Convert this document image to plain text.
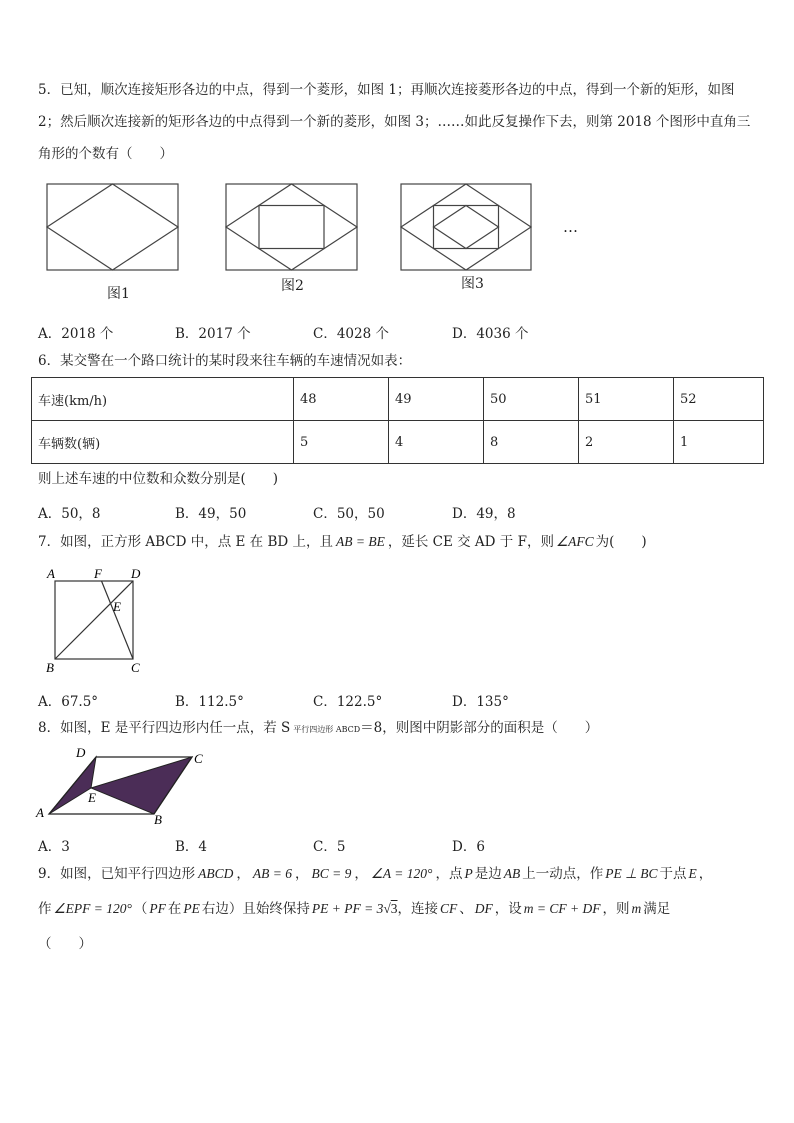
5．已知，顺次连接矩形各边的中点，得到一个菱形，如图 1；再顺次连接菱形各边的中点，得到一个新的矩形，如图
2；然后顺次连接新的矩形各边的中点得到一个新的菱形，如图 3；……如此反复操作下去，则第 2018 个图形中直角三
角形的个数有（　　）
图1	图2	图3
…
A．2018 个	B．2017 个	C．4028 个	D．4036 个
6．某交警在一个路口统计的某时段来往车辆的车速情况如表：
车速(km/h)	48	49	50	51	52
车辆数(辆)	5	4	8	2	1
则上述车速的中位数和众数分别是(　　)
A．50，8	B．49，50	C．50，50	D．49，8
7．如图，正方形 ABCD 中，点 E 在 BD 上，且 AB = BE ，延长 CE 交 AD 于 F，则 ∠AFC 为(　　)
A	F D
E
B	C
A．67.5°	B．112.5°	C．122.5°	D．135°
8．如图，E 是平行四边形内任一点，若 S 平行四边形 ABCD＝8，则图中阴影部分的面积是（　　）
D	C
E
A	B
A．3	B．4	C．5	D．6
9．如图，已知平行四边形 ABCD ， AB = 6 ， BC = 9 ， ∠A = 120° ，点 P 是边 AB 上一动点，作 PE ⊥ BC 于点 E ，
作 ∠EPF = 120° （ PF 在 PE 右边）且始终保持 PE + PF = 3√3，连接 CF 、 DF ，设 m = CF + DF ，则 m 满足
（　　）
